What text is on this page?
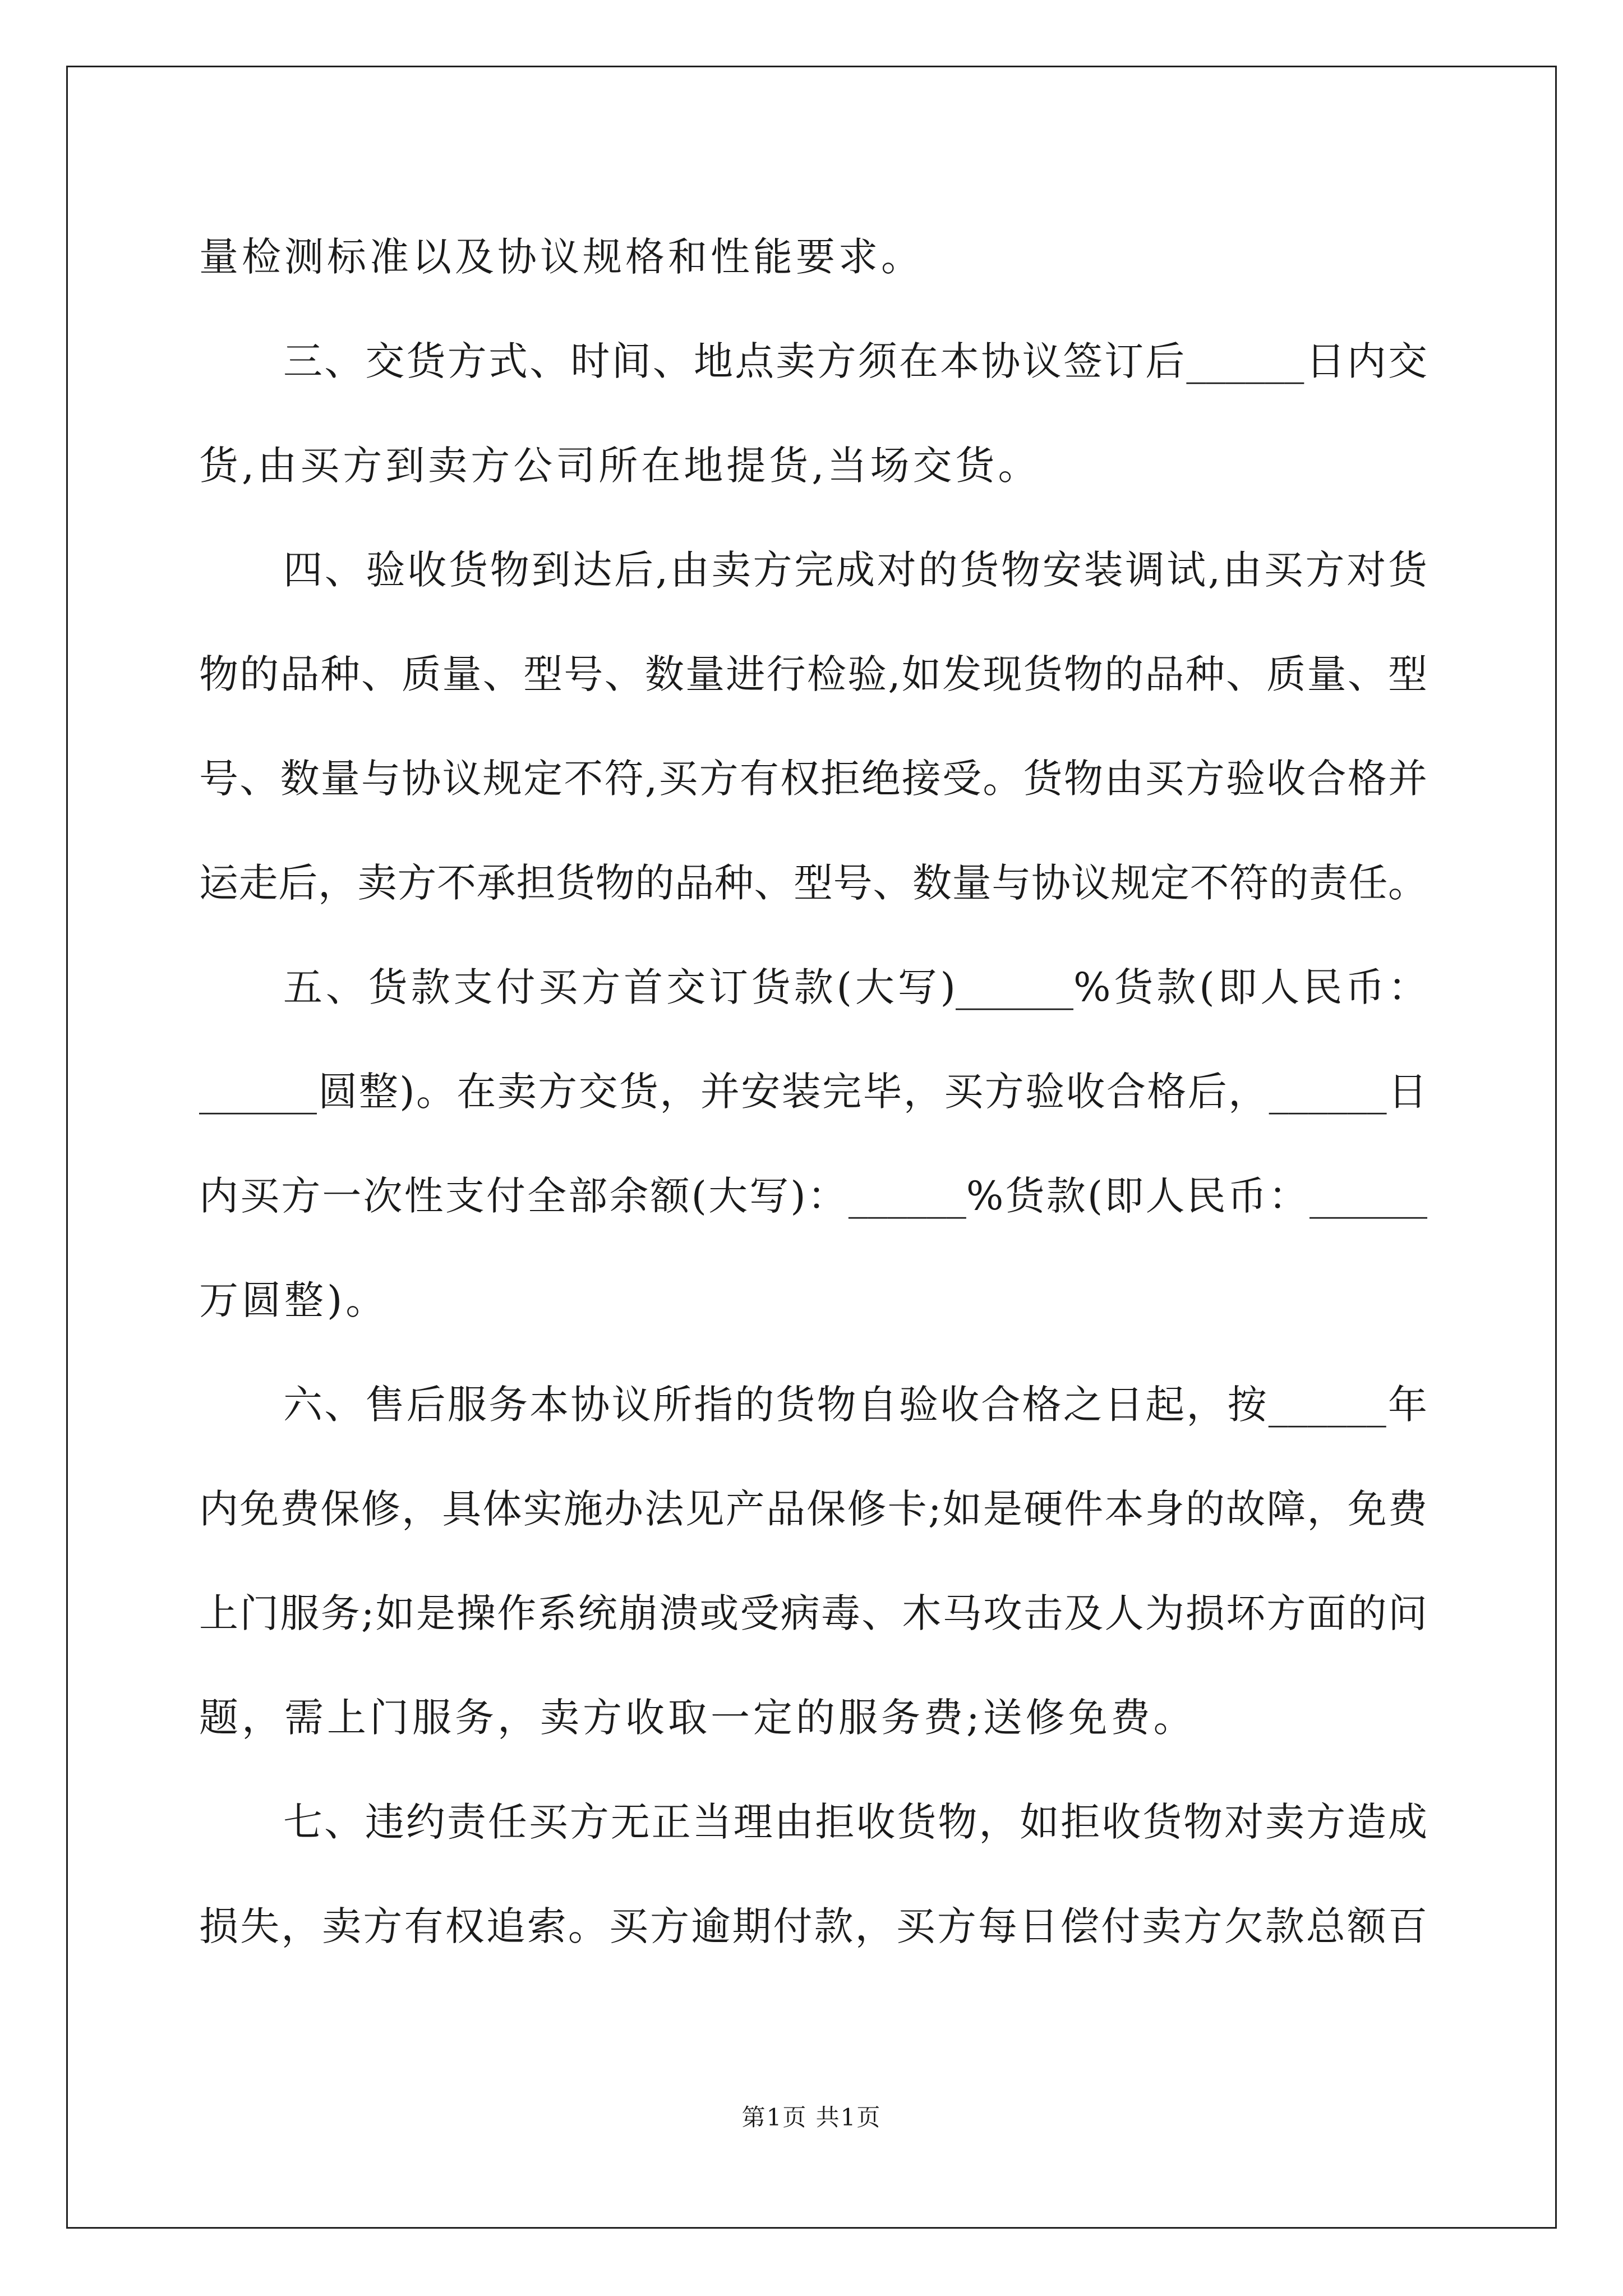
量检测标准以及协议规格和性能要求。
三、交货方式、时间、地点卖方须在本协议签订后______日内交
货,由买方到卖方公司所在地提货,当场交货。
四、验收货物到达后,由卖方完成对的货物安装调试,由买方对货
物的品种、质量、型号、数量进行检验,如发现货物的品种、质量、型
号、数量与协议规定不符,买方有权拒绝接受。货物由买方验收合格并
运走后，卖方不承担货物的品种、型号、数量与协议规定不符的责任。
五、货款支付买方首交订货款(大写)______%货款(即人民币：
______圆整)。在卖方交货，并安装完毕，买方验收合格后，______日
内买方一次性支付全部余额(大写)：______%货款(即人民币：______
万圆整)。
六、售后服务本协议所指的货物自验收合格之日起，按______年
内免费保修，具体实施办法见产品保修卡;如是硬件本身的故障，免费
上门服务;如是操作系统崩溃或受病毒、木马攻击及人为损坏方面的问
题，需上门服务，卖方收取一定的服务费;送修免费。
七、违约责任买方无正当理由拒收货物，如拒收货物对卖方造成
损失，卖方有权追索。买方逾期付款，买方每日偿付卖方欠款总额百
第1页 共1页
